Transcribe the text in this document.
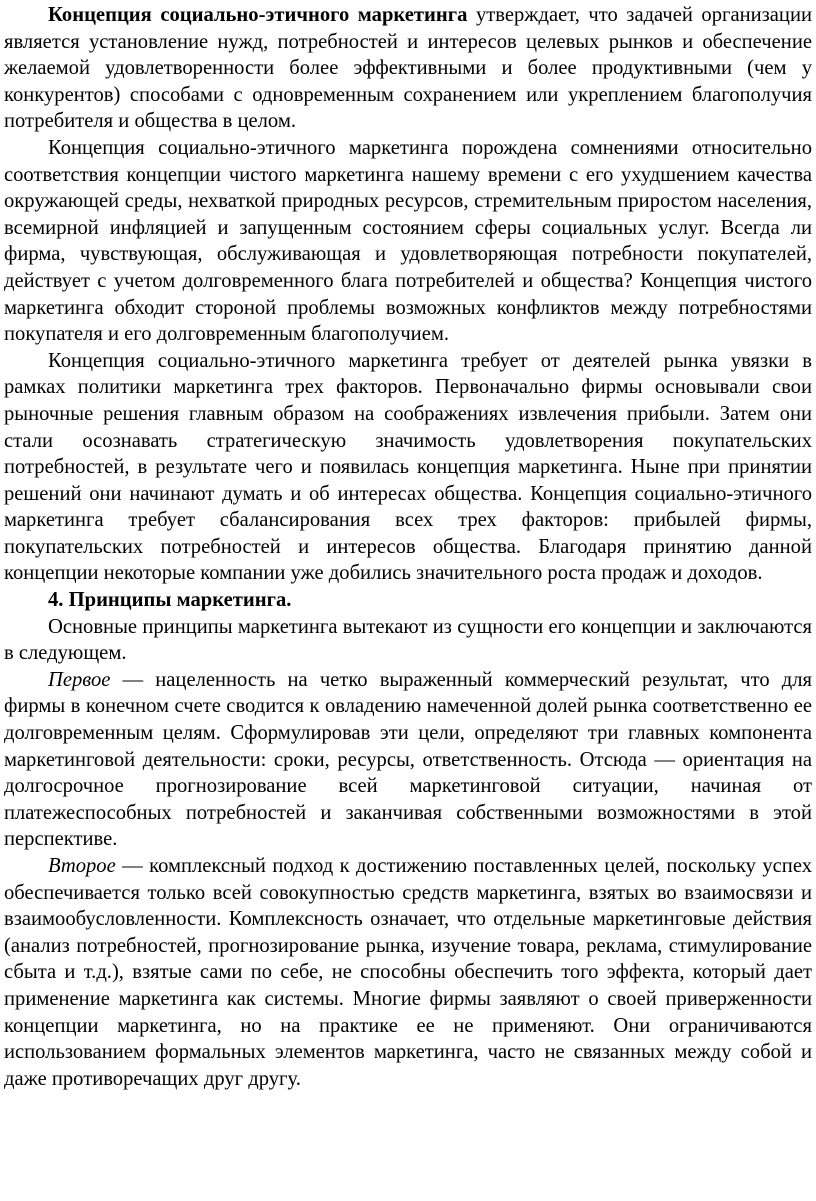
Концепция социально-этичного маркетинга утверждает, что задачей организации является установление нужд, потребностей и интересов целевых рынков и обеспечение желаемой удовлетворенности более эффективными и более продуктивными (чем у конкурентов) способами с одновременным сохранением или укреплением благополучия потребителя и общества в целом.

Концепция социально-этичного маркетинга порождена сомнениями относительно соответствия концепции чистого маркетинга нашему времени с его ухудшением качества окружающей среды, нехваткой природных ресурсов, стремительным приростом населения, всемирной инфляцией и запущенным состоянием сферы социальных услуг. Всегда ли фирма, чувствующая, обслуживающая и удовлетворяющая потребности покупателей, действует с учетом долговременного блага потребителей и общества? Концепция чистого маркетинга обходит стороной проблемы возможных конфликтов между потребностями покупателя и его долговременным благополучием.

Концепция социально-этичного маркетинга требует от деятелей рынка увязки в рамках политики маркетинга трех факторов. Первоначально фирмы основывали свои рыночные решения главным образом на соображениях извлечения прибыли. Затем они стали осознавать стратегическую значимость удовлетворения покупательских потребностей, в результате чего и появилась концепция маркетинга. Ныне при принятии решений они начинают думать и об интересах общества. Концепция социально-этичного маркетинга требует сбалансирования всех трех факторов: прибылей фирмы, покупательских потребностей и интересов общества. Благодаря принятию данной концепции некоторые компании уже добились значительного роста продаж и доходов.

4. Принципы маркетинга.

Основные принципы маркетинга вытекают из сущности его концепции и заключаются в следующем.

Первое — нацеленность на четко выраженный коммерческий результат, что для фирмы в конечном счете сводится к овладению намеченной долей рынка соответственно ее долговременным целям. Сформулировав эти цели, определяют три главных компонента маркетинговой деятельности: сроки, ресурсы, ответственность. Отсюда — ориентация на долгосрочное прогнозирование всей маркетинговой ситуации, начиная от платежеспособных потребностей и заканчивая собственными возможностями в этой перспективе.

Второе — комплексный подход к достижению поставленных целей, поскольку успех обеспечивается только всей совокупностью средств маркетинга, взятых во взаимосвязи и взаимообусловленности. Комплексность означает, что отдельные маркетинговые действия (анализ потребностей, прогнозирование рынка, изучение товара, реклама, стимулирование сбыта и т.д.), взятые сами по себе, не способны обеспечить того эффекта, который дает применение маркетинга как системы. Многие фирмы заявляют о своей приверженности концепции маркетинга, но на практике ее не применяют. Они ограничиваются использованием формальных элементов маркетинга, часто не связанных между собой и даже противоречащих друг другу.
